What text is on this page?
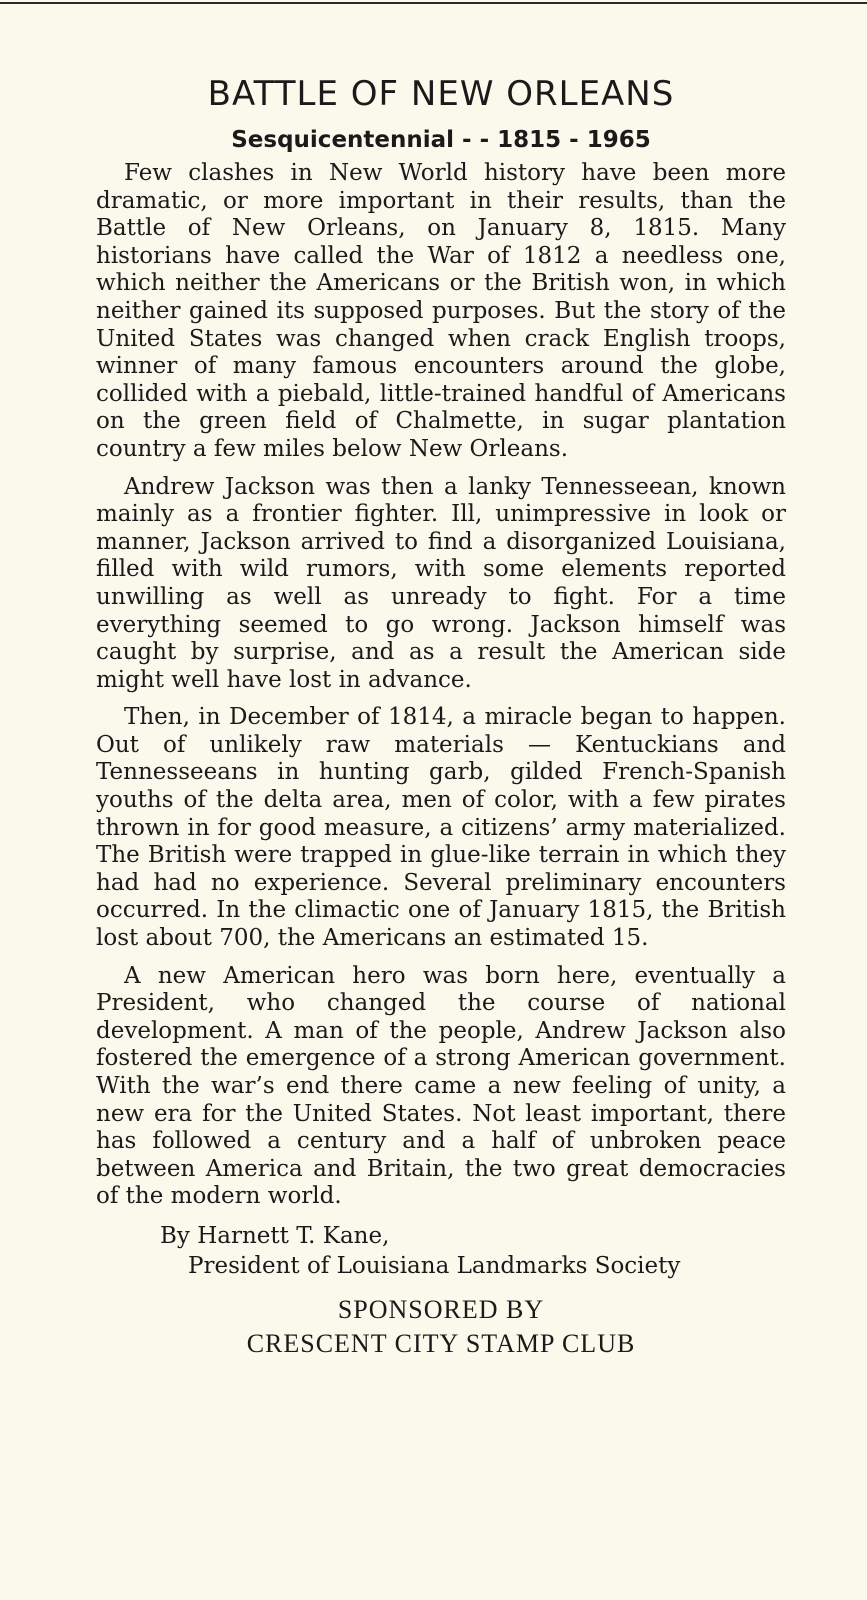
BATTLE OF NEW ORLEANS
Sesquicentennial - - 1815 - 1965

Few clashes in New World history have been more dramatic, or more important in their results, than the Battle of New Orleans, on January 8, 1815. Many historians have called the War of 1812 a needless one, which neither the Americans or the British won, in which neither gained its supposed purposes. But the story of the United States was changed when crack English troops, winner of many famous encounters around the globe, collided with a piebald, little-trained handful of Americans on the green field of Chalmette, in sugar plantation country a few miles below New Orleans.

Andrew Jackson was then a lanky Tennesseean, known mainly as a frontier fighter. Ill, unimpressive in look or manner, Jackson arrived to find a disorganized Louisiana, filled with wild rumors, with some elements reported unwilling as well as unready to fight. For a time everything seemed to go wrong. Jackson himself was caught by surprise, and as a result the American side might well have lost in advance.

Then, in December of 1814, a miracle began to happen. Out of unlikely raw materials — Kentuckians and Tennesseeans in hunting garb, gilded French-Spanish youths of the delta area, men of color, with a few pirates thrown in for good measure, a citizens’ army materialized. The British were trapped in glue-like terrain in which they had had no experience. Several preliminary encounters occurred. In the climactic one of January 1815, the British lost about 700, the Americans an estimated 15.

A new American hero was born here, eventually a President, who changed the course of national development. A man of the people, Andrew Jackson also fostered the emergence of a strong American government. With the war’s end there came a new feeling of unity, a new era for the United States. Not least important, there has followed a century and a half of unbroken peace between America and Britain, the two great democracies of the modern world.

By Harnett T. Kane,
President of Louisiana Landmarks Society
SPONSORED BY
CRESCENT CITY STAMP CLUB
